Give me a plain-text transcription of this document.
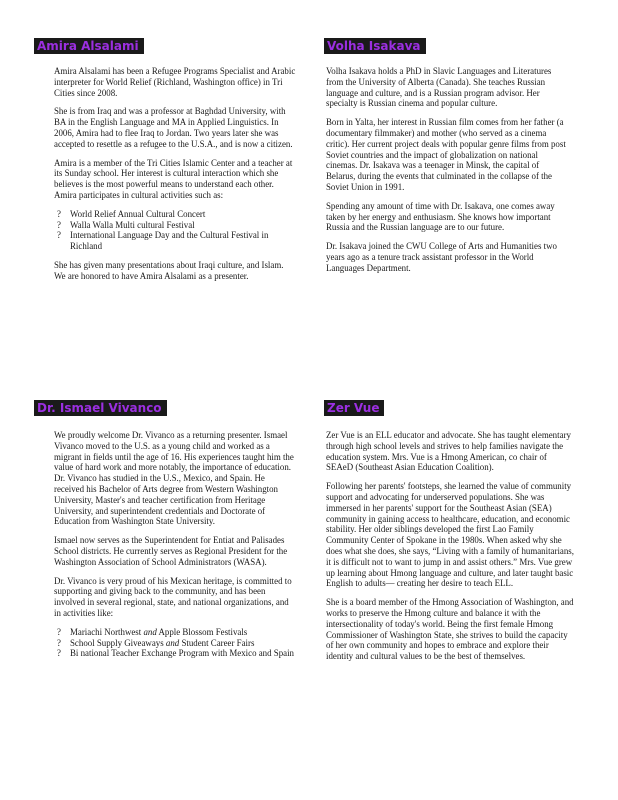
Amira Alsalami

Amira Alsalami has been a Refugee Programs Specialist and Arabic interpreter for World Relief (Richland, Washington office) in Tri Cities since 2008.

She is from Iraq and was a professor at Baghdad University, with BA in the English Language and MA in Applied Linguistics. In 2006, Amira had to flee Iraq to Jordan. Two years later she was accepted to resettle as a refugee to the U.S.A., and is now a citizen.

Amira is a member of the Tri Cities Islamic Center and a teacher at its Sunday school. Her interest is cultural interaction which she believes is the most powerful means to understand each other. Amira participates in cultural activities such as:

? World Relief Annual Cultural Concert
? Walla Walla Multi cultural Festival
? International Language Day and the Cultural Festival in Richland

She has given many presentations about Iraqi culture, and Islam. We are honored to have Amira Alsalami as a presenter.

Volha Isakava

Volha Isakava holds a PhD in Slavic Languages and Literatures from the University of Alberta (Canada). She teaches Russian language and culture, and is a Russian program advisor. Her specialty is Russian cinema and popular culture.

Born in Yalta, her interest in Russian film comes from her father (a documentary filmmaker) and mother (who served as a cinema critic). Her current project deals with popular genre films from post Soviet countries and the impact of globalization on national cinemas. Dr. Isakava was a teenager in Minsk, the capital of Belarus, during the events that culminated in the collapse of the Soviet Union in 1991.

Spending any amount of time with Dr. Isakava, one comes away taken by her energy and enthusiasm. She knows how important Russia and the Russian language are to our future.

Dr. Isakava joined the CWU College of Arts and Humanities two years ago as a tenure track assistant professor in the World Languages Department.

Dr. Ismael Vivanco

We proudly welcome Dr. Vivanco as a returning presenter. Ismael Vivanco moved to the U.S. as a young child and worked as a migrant in fields until the age of 16. His experiences taught him the value of hard work and more notably, the importance of education. Dr. Vivanco has studied in the U.S., Mexico, and Spain. He received his Bachelor of Arts degree from Western Washington University, Master's and teacher certification from Heritage University, and superintendent credentials and Doctorate of Education from Washington State University.

Ismael now serves as the Superintendent for Entiat and Palisades School districts. He currently serves as Regional President for the Washington Association of School Administrators (WASA).

Dr. Vivanco is very proud of his Mexican heritage, is committed to supporting and giving back to the community, and has been involved in several regional, state, and national organizations, and in activities like:

? Mariachi Northwest and Apple Blossom Festivals
? School Supply Giveaways and Student Career Fairs
? Bi national Teacher Exchange Program with Mexico and Spain
Zer Vue

Zer Vue is an ELL educator and advocate. She has taught elementary through high school levels and strives to help families navigate the education system. Mrs. Vue is a Hmong American, co chair of SEAeD (Southeast Asian Education Coalition).

Following her parents' footsteps, she learned the value of community support and advocating for underserved populations. She was immersed in her parents' support for the Southeast Asian (SEA) community in gaining access to healthcare, education, and economic stability. Her older siblings developed the first Lao Family Community Center of Spokane in the 1980s. When asked why she does what she does, she says, “Living with a family of humanitarians, it is difficult not to want to jump in and assist others.” Mrs. Vue grew up learning about Hmong language and culture, and later taught basic English to adults— creating her desire to teach ELL.

She is a board member of the Hmong Association of Washington, and works to preserve the Hmong culture and balance it with the intersectionality of today's world. Being the first female Hmong Commissioner of Washington State, she strives to build the capacity of her own community and hopes to embrace and explore their identity and cultural values to be the best of themselves.
